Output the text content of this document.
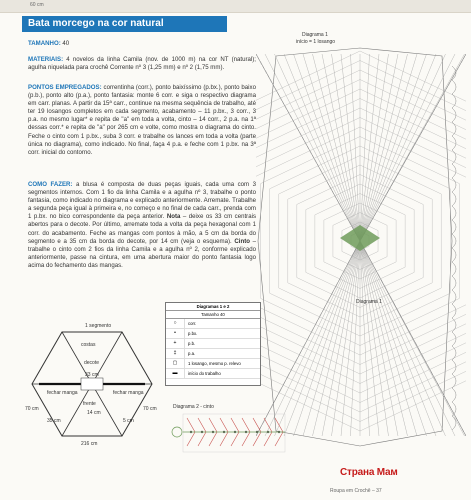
60 cm
Bata morcego na cor natural
TAMANHO: 40
MATERIAIS: 4 novelos da linha Camila (nov. de 1000 m) na cor NT (natural); agulha niquelada para crochê Corrente nº 3 (1,25 mm) e nº 2 (1,75 mm).
PONTOS EMPREGADOS: correntinha (corr.), ponto baixíssimo (p.bx.), ponto baixo (p.b.), ponto alto (p.a.), ponto fantasia: monte 6 corr. e siga o respectivo diagrama em carr. planas. A partir da 15ª carr., continue na mesma sequência de trabalho, até ter 19 losangos completos em cada segmento, acabamento – 11 p.bx., 3 corr., 3 p.a. no mesmo lugar* e repita de "a" em toda a volta, cinto – 14 corr., 2 p.a. na 1ª dessas corr.* e repita de "a" por 265 cm e volte, como mostra o diagrama do cinto. Feche o cinto com 1 p.bx., suba 3 corr. e trabalhe os lances em toda a volta (parte única no diagrama), como indicado. No final, faça 4 p.a. e feche com 1 p.bx. na 3ª corr. inicial do contorno.
COMO FAZER: a blusa é composta de duas peças iguais, cada uma com 3 segmentos internos. Com 1 fio da linha Camila e a agulha nº 3, trabalhe o ponto fantasia, como indicado no diagrama e explicado anteriormente. Arremate. Trabalhe a segunda peça igual à primeira e, no começo e no final de cada carr., prenda com 1 p.bx. no bico correspondente da peça anterior. Nota – deixe os 33 cm centrais abertos para o decote. Por último, arremate toda a volta da peça hexagonal com 1 corr. do acabamento. Feche as mangas com pontos à mão, a 5 cm da borda do segmento e a 35 cm da borda do decote, por 14 cm (veja o esquema). Cinto – trabalhe o cinto com 2 fios da linha Camila e a agulha nº 2, conforme explicado anteriormente, passe na cintura, em uma abertura maior do ponto fantasia logo acima do fechamento das mangas.
Diagrama 1
início = 1 losango
Diagrama 1
Diagramas 1 e 2
Tamanho 40
○	corr.
•	p.bx.
+	p.b.
‡	p.a.
▢	1 losango, mesmo p. relevo
▬	início do trabalho
1 segmento
decote
frente
costas
fechar manga	fechar manga
216 cm
70 cm	70 cm
33 cm
14 cm
35 cm	5 cm
Diagrama 2 - cinto
Страна Мам
Roupa em Crochê – 37
